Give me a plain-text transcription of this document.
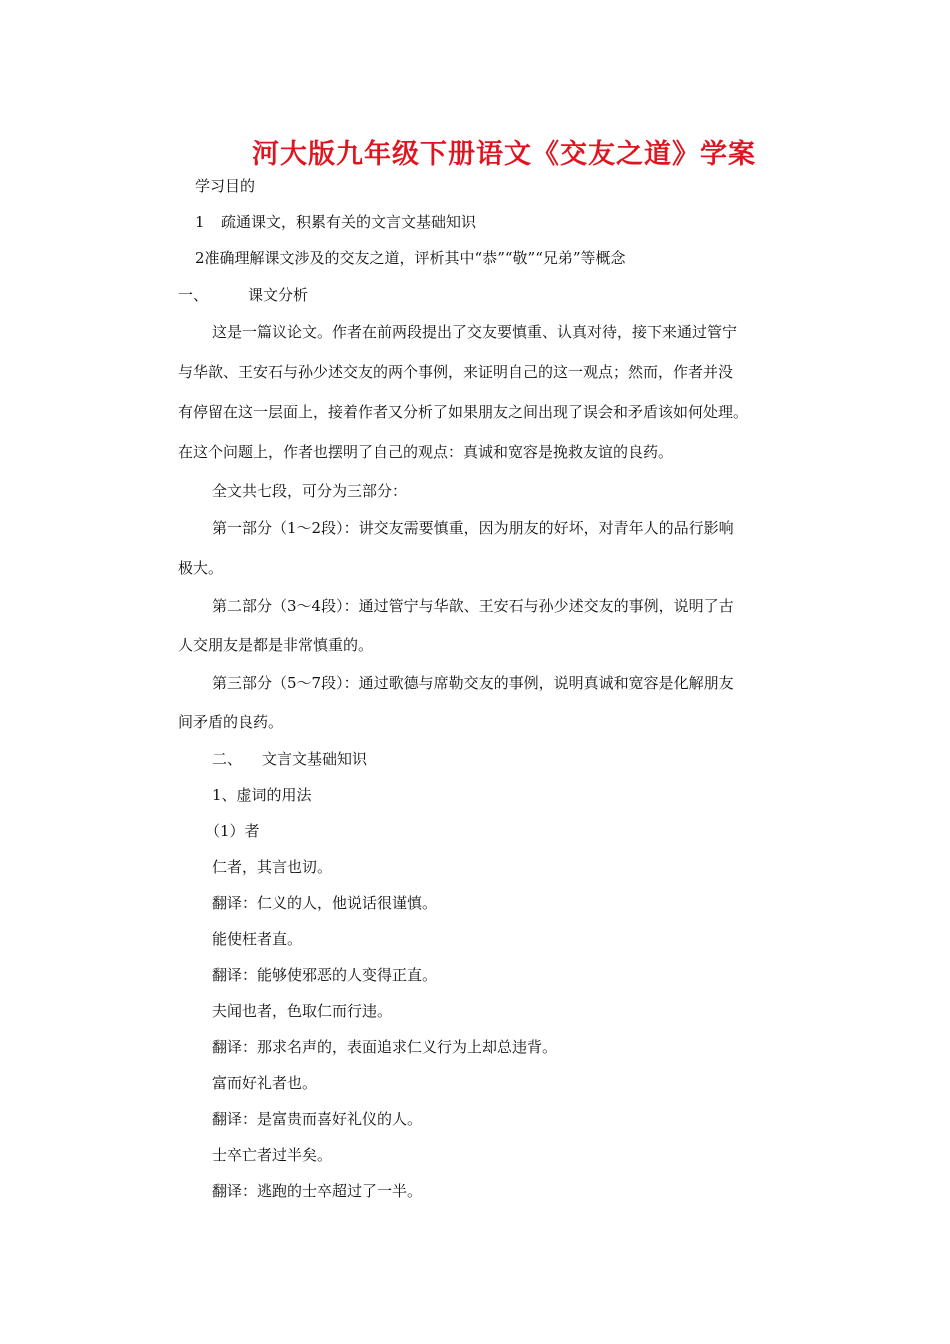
河大版九年级下册语文《交友之道》学案
学习目的
1 疏通课文，积累有关的文言文基础知识
2准确理解课文涉及的交友之道，评析其中“恭”“敬”“兄弟”等概念
一、	课文分析
这是一篇议论文。作者在前两段提出了交友要慎重、认真对待，接下来通过管宁
与华歆、王安石与孙少述交友的两个事例，来证明自己的这一观点；然而，作者并没
有停留在这一层面上，接着作者又分析了如果朋友之间出现了误会和矛盾该如何处理。
在这个问题上，作者也摆明了自己的观点：真诚和宽容是挽救友谊的良药。
全文共七段，可分为三部分：
第一部分（1～2段）：讲交友需要慎重，因为朋友的好坏，对青年人的品行影响
极大。
第二部分（3～4段）：通过管宁与华歆、王安石与孙少述交友的事例，说明了古
人交朋友是都是非常慎重的。
第三部分（5～7段）：通过歌德与席勒交友的事例，说明真诚和宽容是化解朋友
间矛盾的良药。
二、 文言文基础知识
1、虚词的用法
（1）者
仁者，其言也讱。
翻译：仁义的人，他说话很谨慎。
能使枉者直。
翻译：能够使邪恶的人变得正直。
夫闻也者，色取仁而行违。
翻译：那求名声的，表面追求仁义行为上却总违背。
富而好礼者也。
翻译：是富贵而喜好礼仪的人。
士卒亡者过半矣。
翻译：逃跑的士卒超过了一半。
